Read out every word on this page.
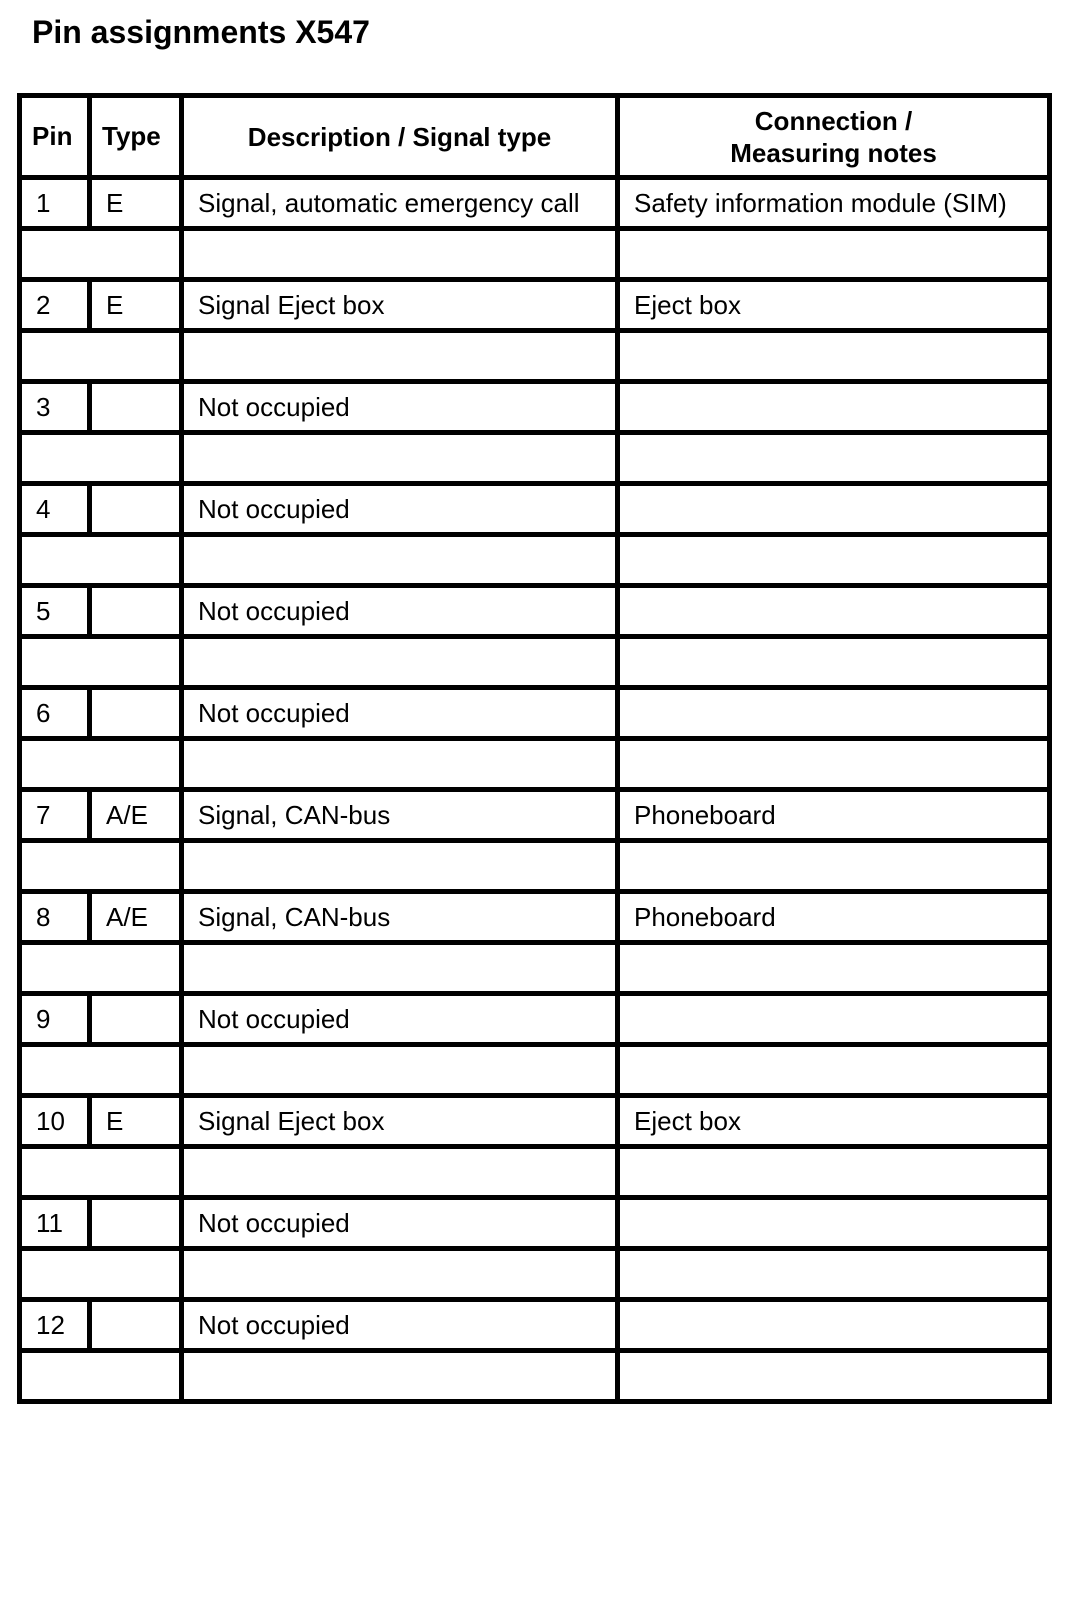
Pin assignments X547
Pin	Type	Description / Signal type	Connection /
Measuring notes
1	E	Signal, automatic emergency call	Safety information module (SIM)

2	E	Signal Eject box	Eject box

3		Not occupied	

4		Not occupied	

5		Not occupied	

6		Not occupied	

7	A/E	Signal, CAN-bus	Phoneboard

8	A/E	Signal, CAN-bus	Phoneboard

9		Not occupied	

10	E	Signal Eject box	Eject box

11		Not occupied	

12		Not occupied	
